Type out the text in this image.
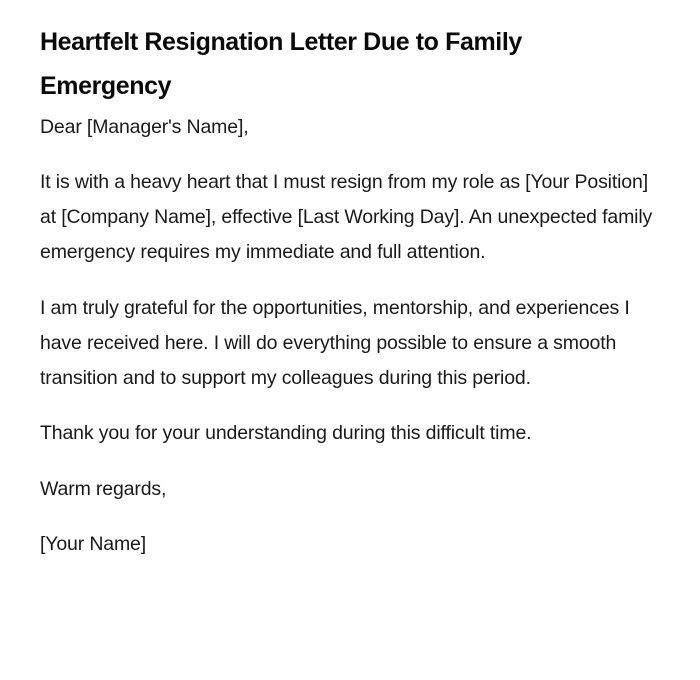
Heartfelt Resignation Letter Due to Family Emergency

Dear [Manager's Name],

It is with a heavy heart that I must resign from my role as [Your Position] at [Company Name], effective [Last Working Day]. An unexpected family emergency requires my immediate and full attention.

I am truly grateful for the opportunities, mentorship, and experiences I have received here. I will do everything possible to ensure a smooth transition and to support my colleagues during this period.

Thank you for your understanding during this difficult time.

Warm regards,

[Your Name]
